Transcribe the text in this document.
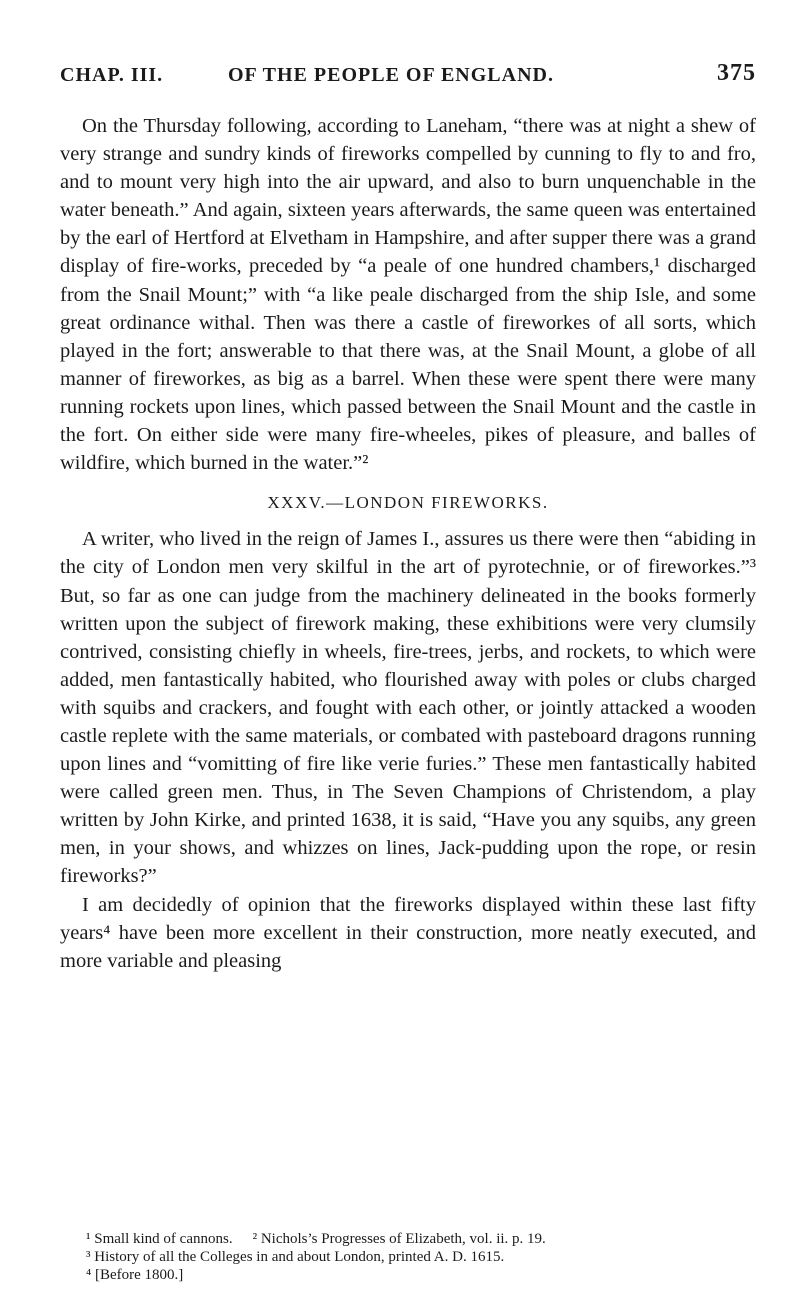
CHAP. III.	OF THE PEOPLE OF ENGLAND.	375

On the Thursday following, according to Laneham, “there was at night a shew of very strange and sundry kinds of fireworks compelled by cunning to fly to and fro, and to mount very high into the air upward, and also to burn unquenchable in the water beneath.” And again, sixteen years afterwards, the same queen was entertained by the earl of Hertford at Elvetham in Hampshire, and after supper there was a grand display of fire-works, preceded by “a peale of one hundred chambers,¹ discharged from the Snail Mount;” with “a like peale discharged from the ship Isle, and some great ordinance withal. Then was there a castle of fireworkes of all sorts, which played in the fort; answerable to that there was, at the Snail Mount, a globe of all manner of fireworkes, as big as a barrel. When these were spent there were many running rockets upon lines, which passed between the Snail Mount and the castle in the fort. On either side were many fire-wheeles, pikes of pleasure, and balles of wildfire, which burned in the water.”²

XXXV.—LONDON FIREWORKS.

A writer, who lived in the reign of James I., assures us there were then “abiding in the city of London men very skilful in the art of pyrotechnie, or of fireworkes.”³ But, so far as one can judge from the machinery delineated in the books formerly written upon the subject of firework making, these exhibitions were very clumsily contrived, consisting chiefly in wheels, fire-trees, jerbs, and rockets, to which were added, men fantastically habited, who flourished away with poles or clubs charged with squibs and crackers, and fought with each other, or jointly attacked a wooden castle replete with the same materials, or combated with pasteboard dragons running upon lines and “vomitting of fire like verie furies.” These men fantastically habited were called green men. Thus, in The Seven Champions of Christendom, a play written by John Kirke, and printed 1638, it is said, “Have you any squibs, any green men, in your shows, and whizzes on lines, Jack-pudding upon the rope, or resin fireworks?”

I am decidedly of opinion that the fireworks displayed within these last fifty years⁴ have been more excellent in their construction, more neatly executed, and more variable and pleasing

¹ Small kind of cannons. ² Nichols’s Progresses of Elizabeth, vol. ii. p. 19.
³ History of all the Colleges in and about London, printed A. D. 1615.
⁴ [Before 1800.]
